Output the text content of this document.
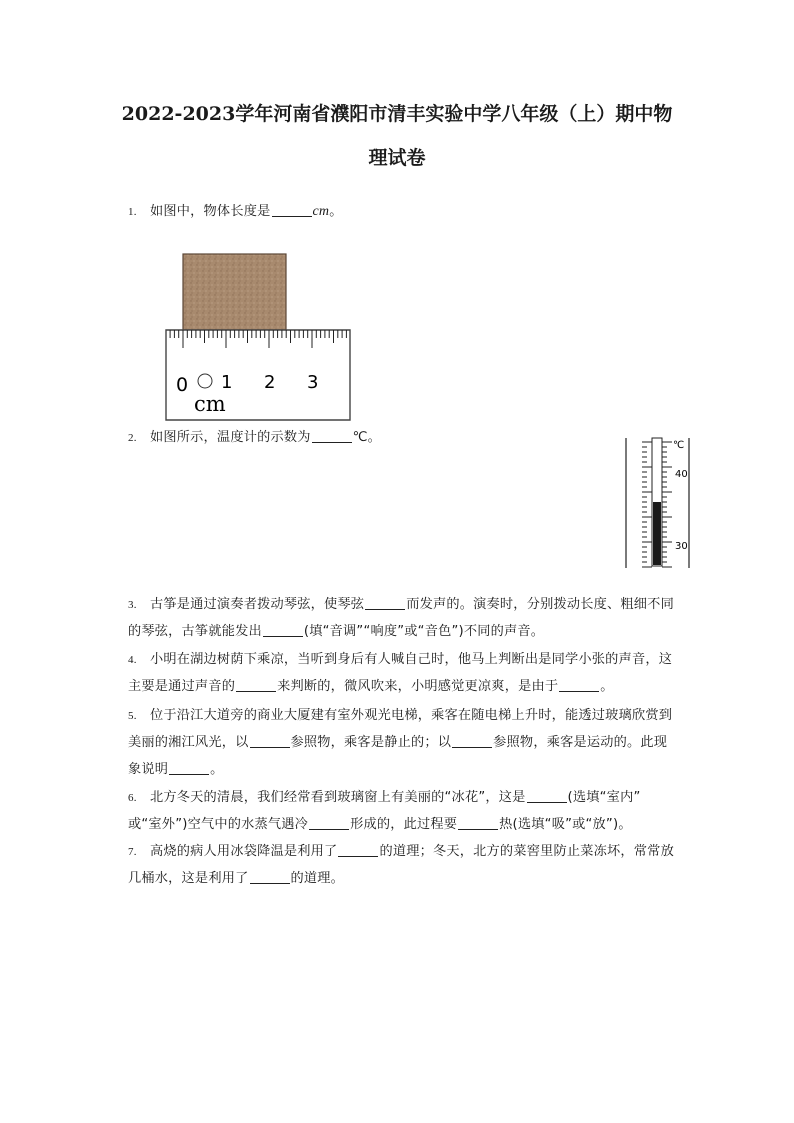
2022-2023学年河南省濮阳市清丰实验中学八年级（上）期中物
理试卷
1. 如图中，物体长度是	cm。
0 1 2 3
cm
2. 如图所示，温度计的示数为	℃。
℃
40
30
3. 古筝是通过演奏者拨动琴弦，使琴弦	而发声的。演奏时，分别拨动长度、粗细不同
的琴弦，古筝就能发出	(填“音调”“响度”或“音色”)不同的声音。
4. 小明在湖边树荫下乘凉，当听到身后有人喊自己时，他马上判断出是同学小张的声音，这
主要是通过声音的	来判断的，微风吹来，小明感觉更凉爽，是由于	。
5. 位于沿江大道旁的商业大厦建有室外观光电梯，乘客在随电梯上升时，能透过玻璃欣赏到
美丽的湘江风光，以	参照物，乘客是静止的；以	参照物，乘客是运动的。此现
象说明	。
6. 北方冬天的清晨，我们经常看到玻璃窗上有美丽的“冰花”，这是	(选填“室内”
或“室外”)空气中的水蒸气遇冷	形成的，此过程要	热(选填“吸”或“放”)。
7. 高烧的病人用冰袋降温是利用了	的道理；冬天，北方的菜窖里防止菜冻坏，常常放
几桶水，这是利用了	的道理。
